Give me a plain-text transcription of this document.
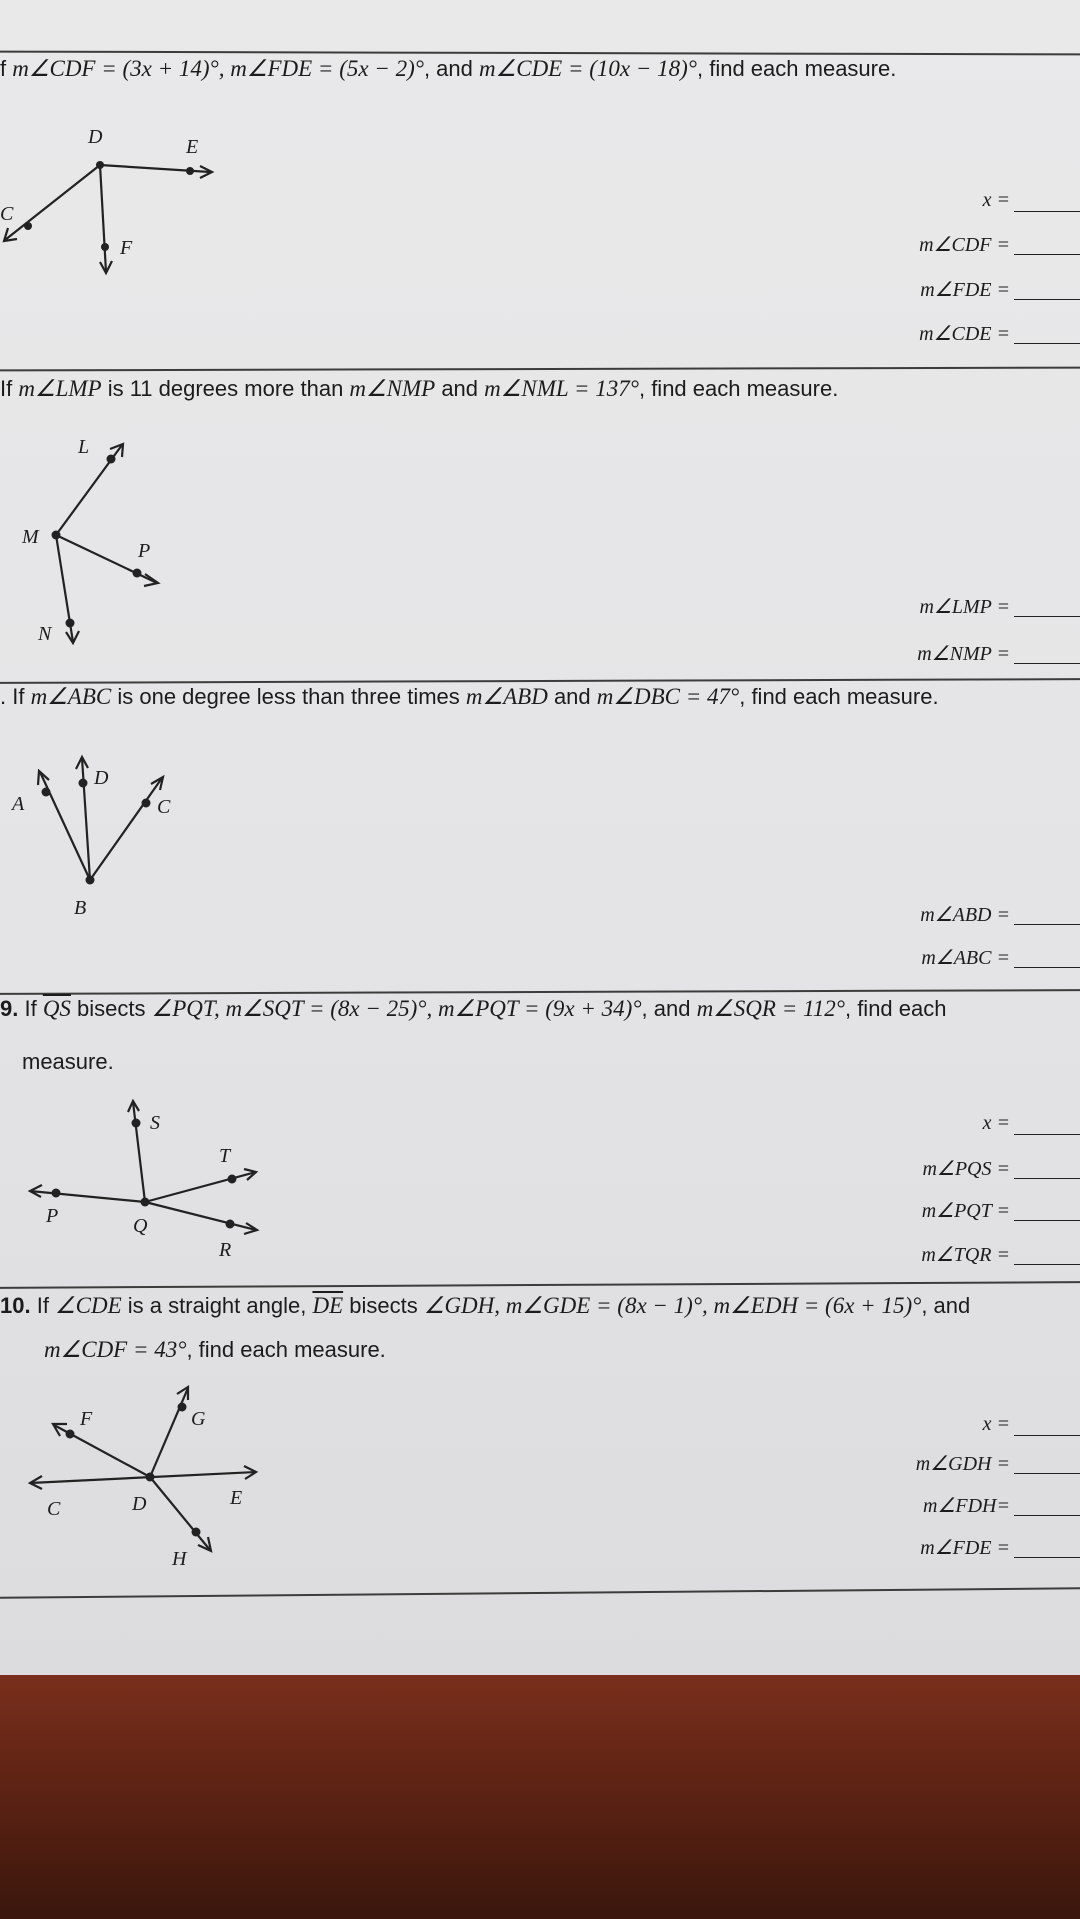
f m∠CDF = (3x + 14)°, m∠FDE = (5x − 2)°, and m∠CDE = (10x − 18)°, find each measure.
D	E
C
F
x =
m∠CDF =
m∠FDE =
m∠CDE =
If m∠LMP is 11 degrees more than m∠NMP and m∠NML = 137°, find each measure.
L
M
P
N
m∠LMP =
m∠NMP =
. If m∠ABC is one degree less than three times m∠ABD and m∠DBC = 47°, find each measure.
A
D
C
B	m∠ABD =
m∠ABC =
9. If $\overline{QS}$ bisects ∠PQT, m∠SQT = (8x − 25)°, m∠PQT = (9x + 34)°, and m∠SQR = 112°, find each
measure.
S
T
P	Q
R
x =
m∠PQS =
m∠PQT =
m∠TQR =
10. If ∠CDE is a straight angle, $\overline{DE}$ bisects ∠GDH, m∠GDE = (8x − 1)°, m∠EDH = (6x + 15)°, and
m∠CDF = 43°, find each measure.
F	G
C	D	E
H
x =
m∠GDH =
m∠FDH=
m∠FDE =
